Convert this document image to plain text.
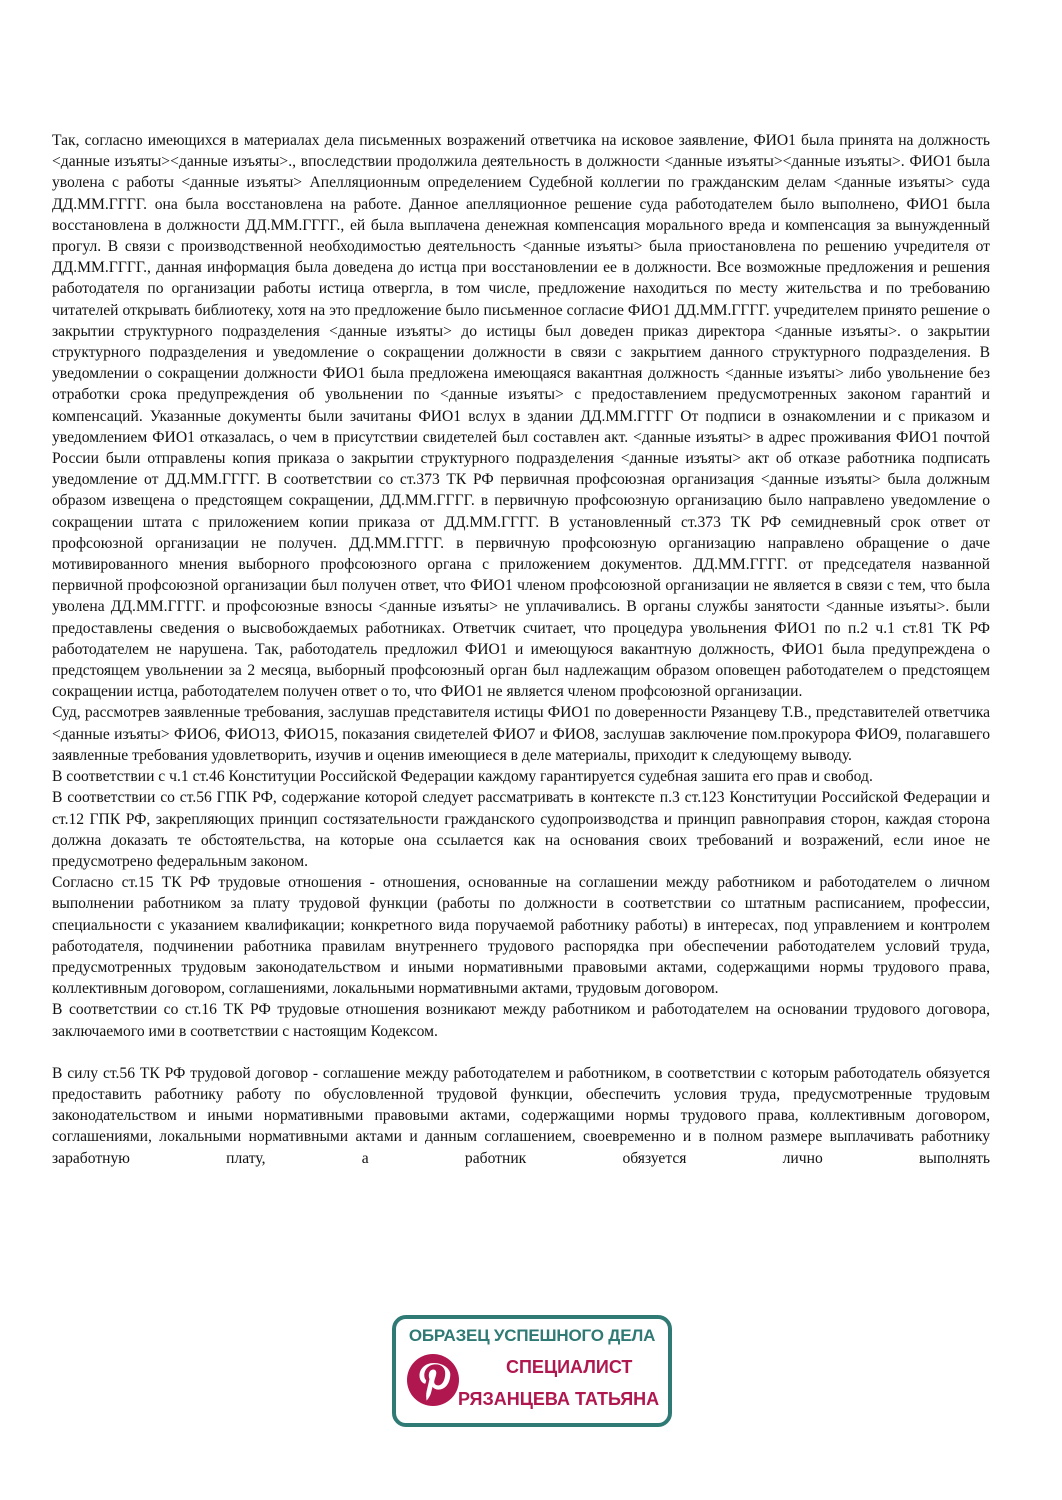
Так, согласно имеющихся в материалах дела письменных возражений ответчика на исковое заявление, ФИО1 была принята на должность <данные изъяты><данные изъяты>., впоследствии продолжила деятельность в должности <данные изъяты><данные изъяты>. ФИО1 была уволена с работы <данные изъяты> Апелляционным определением Судебной коллегии по гражданским делам <данные изъяты> суда ДД.ММ.ГГГГ. она была восстановлена на работе. Данное апелляционное решение суда работодателем было выполнено, ФИО1 была восстановлена в должности ДД.ММ.ГГГГ., ей была выплачена денежная компенсация морального вреда и компенсация за вынужденный прогул. В связи с производственной необходимостью деятельность <данные изъяты> была приостановлена по решению учредителя от ДД.ММ.ГГГГ., данная информация была доведена до истца при восстановлении ее в должности. Все возможные предложения и решения работодателя по организации работы истица отвергла, в том числе, предложение находиться по месту жительства и по требованию читателей открывать библиотеку, хотя на это предложение было письменное согласие ФИО1 ДД.ММ.ГГГГ. учредителем принято решение о закрытии структурного подразделения <данные изъяты> до истицы был доведен приказ директора <данные изъяты>. о закрытии структурного подразделения и уведомление о сокращении должности в связи с закрытием данного структурного подразделения. В уведомлении о сокращении должности ФИО1 была предложена имеющаяся вакантная должность <данные изъяты> либо увольнение без отработки срока предупреждения об увольнении по <данные изъяты> с предоставлением предусмотренных законом гарантий и компенсаций. Указанные документы были зачитаны ФИО1 вслух в здании ДД.ММ.ГГГГ От подписи в ознакомлении и с приказом и уведомлением ФИО1 отказалась, о чем в присутствии свидетелей был составлен акт. <данные изъяты> в адрес проживания ФИО1 почтой России были отправлены копия приказа о закрытии структурного подразделения <данные изъяты> акт об отказе работника подписать уведомление от ДД.ММ.ГГГГ. В соответствии со ст.373 ТК РФ первичная профсоюзная организация <данные изъяты> была должным образом извещена о предстоящем сокращении, ДД.ММ.ГГГГ. в первичную профсоюзную организацию было направлено уведомление о сокращении штата с приложением копии приказа от ДД.ММ.ГГГГ. В установленный ст.373 ТК РФ семидневный срок ответ от профсоюзной организации не получен. ДД.ММ.ГГГГ. в первичную профсоюзную организацию направлено обращение о даче мотивированного мнения выборного профсоюзного органа с приложением документов. ДД.ММ.ГГГГ. от председателя названной первичной профсоюзной организации был получен ответ, что ФИО1 членом профсоюзной организации не является в связи с тем, что была уволена ДД.ММ.ГГГГ. и профсоюзные взносы <данные изъяты> не уплачивались. В органы службы занятости <данные изъяты>. были предоставлены сведения о высвобождаемых работниках. Ответчик считает, что процедура увольнения ФИО1 по п.2 ч.1 ст.81 ТК РФ работодателем не нарушена. Так, работодатель предложил ФИО1 и имеющуюся вакантную должность, ФИО1 была предупреждена о предстоящем увольнении за 2 месяца, выборный профсоюзный орган был надлежащим образом оповещен работодателем о предстоящем сокращении истца, работодателем получен ответ о то, что ФИО1 не является членом профсоюзной организации.

Суд, рассмотрев заявленные требования, заслушав представителя истицы ФИО1 по доверенности Рязанцеву Т.В., представителей ответчика <данные изъяты> ФИО6, ФИО13, ФИО15, показания свидетелей ФИО7 и ФИО8, заслушав заключение пом.прокурора ФИО9, полагавшего заявленные требования удовлетворить, изучив и оценив имеющиеся в деле материалы, приходит к следующему выводу.

В соответствии с ч.1 ст.46 Конституции Российской Федерации каждому гарантируется судебная зашита его прав и свобод.

В соответствии со ст.56 ГПК РФ, содержание которой следует рассматривать в контексте п.3 ст.123 Конституции Российской Федерации и ст.12 ГПК РФ, закрепляющих принцип состязательности гражданского судопроизводства и принцип равноправия сторон, каждая сторона должна доказать те обстоятельства, на которые она ссылается как на основания своих требований и возражений, если иное не предусмотрено федеральным законом.

Согласно ст.15 ТК РФ трудовые отношения - отношения, основанные на соглашении между работником и работодателем о личном выполнении работником за плату трудовой функции (работы по должности в соответствии со штатным расписанием, профессии, специальности с указанием квалификации; конкретного вида поручаемой работнику работы) в интересах, под управлением и контролем работодателя, подчинении работника правилам внутреннего трудового распорядка при обеспечении работодателем условий труда, предусмотренных трудовым законодательством и иными нормативными правовыми актами, содержащими нормы трудового права, коллективным договором, соглашениями, локальными нормативными актами, трудовым договором.

В соответствии со ст.16 ТК РФ трудовые отношения возникают между работником и работодателем на основании трудового договора, заключаемого ими в соответствии с настоящим Кодексом.

В силу ст.56 ТК РФ трудовой договор - соглашение между работодателем и работником, в соответствии с которым работодатель обязуется предоставить работнику работу по обусловленной трудовой функции, обеспечить условия труда, предусмотренные трудовым законодательством и иными нормативными правовыми актами, содержащими нормы трудового права, коллективным договором, соглашениями, локальными нормативными актами и данным соглашением, своевременно и в полном размере выплачивать работнику заработную плату, а работник обязуется лично выполнять

ОБРАЗЕЦ УСПЕШНОГО ДЕЛА
СПЕЦИАЛИСТ
РЯЗАНЦЕВА ТАТЬЯНА
